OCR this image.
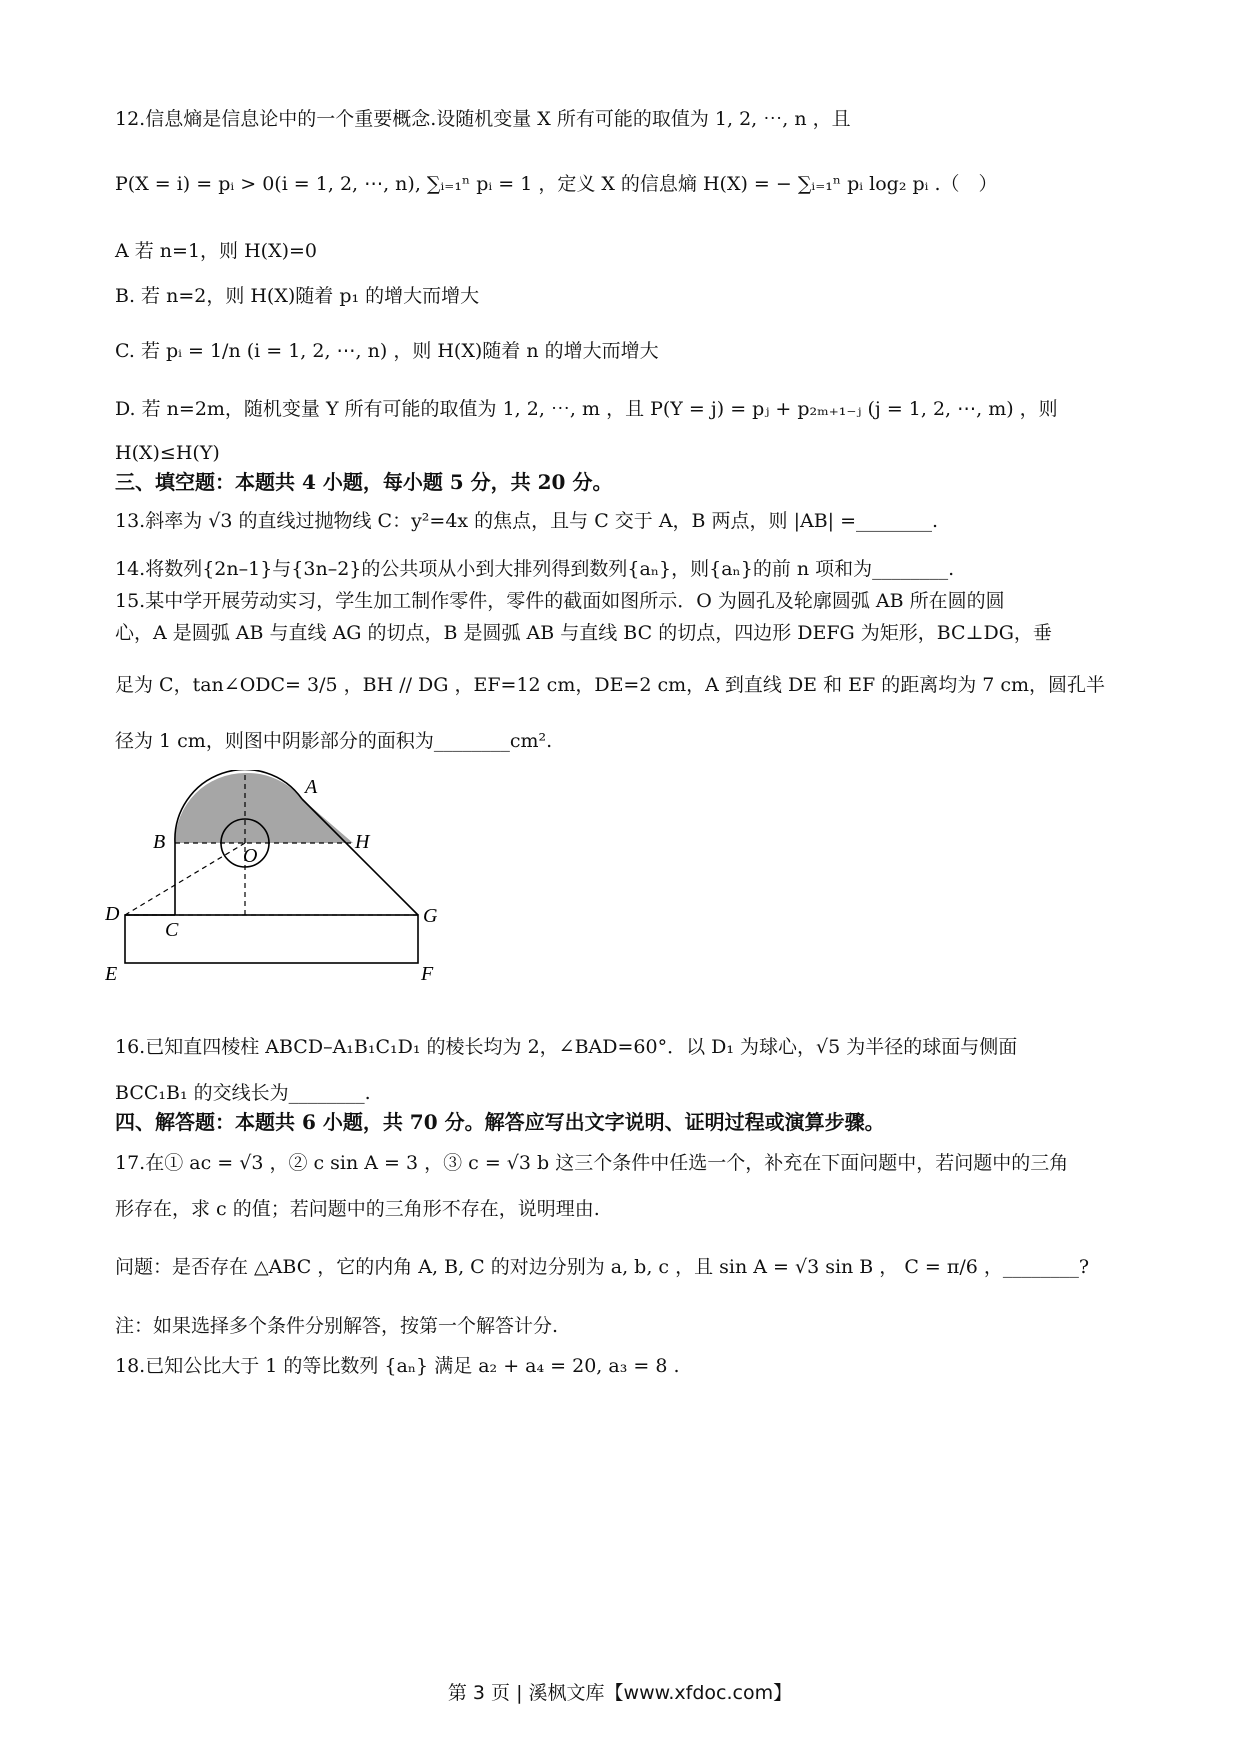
12.信息熵是信息论中的一个重要概念.设随机变量 X 所有可能的取值为 1, 2, ⋯, n ，且
P(X = i) = pᵢ > 0(i = 1, 2, ⋯, n), ∑ᵢ₌₁ⁿ pᵢ = 1 ，定义 X 的信息熵 H(X) = − ∑ᵢ₌₁ⁿ pᵢ log₂ pᵢ .（　）
A 若 n=1，则 H(X)=0
B. 若 n=2，则 H(X)随着 p₁ 的增大而增大
C. 若 pᵢ = 1/n (i = 1, 2, ⋯, n) ，则 H(X)随着 n 的增大而增大
D. 若 n=2m，随机变量 Y 所有可能的取值为 1, 2, ⋯, m ，且 P(Y = j) = pⱼ + p₂ₘ₊₁₋ⱼ (j = 1, 2, ⋯, m) ，则
H(X)≤H(Y)
三、填空题：本题共 4 小题，每小题 5 分，共 20 分。
13.斜率为 √3 的直线过抛物线 C：y²=4x 的焦点，且与 C 交于 A，B 两点，则 |AB| =________.
14.将数列{2n–1}与{3n–2}的公共项从小到大排列得到数列{aₙ}，则{aₙ}的前 n 项和为________.
15.某中学开展劳动实习，学生加工制作零件，零件的截面如图所示．O 为圆孔及轮廓圆弧 AB 所在圆的圆
心，A 是圆弧 AB 与直线 AG 的切点，B 是圆弧 AB 与直线 BC 的切点，四边形 DEFG 为矩形，BC⊥DG，垂
足为 C，tan∠ODC= 3/5 ，BH // DG ，EF=12 cm，DE=2 cm，A 到直线 DE 和 EF 的距离均为 7 cm，圆孔半
径为 1 cm，则图中阴影部分的面积为________cm².
A
B	H
O
D
C
G
E	F
16.已知直四棱柱 ABCD–A₁B₁C₁D₁ 的棱长均为 2，∠BAD=60°．以 D₁ 为球心，√5 为半径的球面与侧面
BCC₁B₁ 的交线长为________.
四、解答题：本题共 6 小题，共 70 分。解答应写出文字说明、证明过程或演算步骤。
17.在① ac = √3 ，② c sin A = 3 ，③ c = √3 b 这三个条件中任选一个，补充在下面问题中，若问题中的三角
形存在，求 c 的值；若问题中的三角形不存在，说明理由.
问题：是否存在 △ABC ，它的内角 A, B, C 的对边分别为 a, b, c ，且 sin A = √3 sin B ， C = π/6 ，________?
注：如果选择多个条件分别解答，按第一个解答计分.
18.已知公比大于 1 的等比数列 {aₙ} 满足 a₂ + a₄ = 20, a₃ = 8 .
第 3 页 | 溪枫文库【www.xfdoc.com】
